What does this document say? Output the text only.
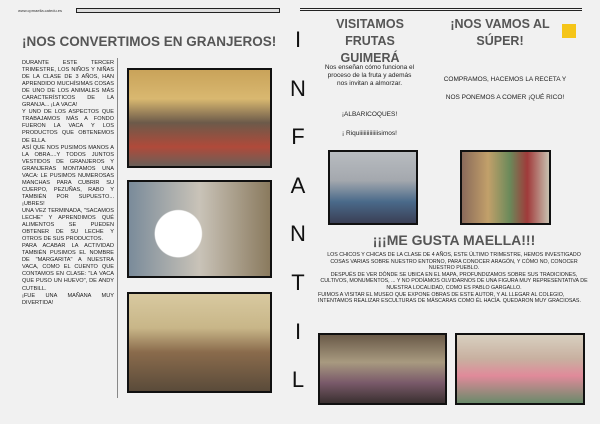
www.cpmaella.catedu.es
¡NOS CONVERTIMOS EN GRANJEROS!

DURANTE ESTE TERCER TRIMESTRE, LOS NIÑOS Y NIÑAS DE LA CLASE DE 3 AÑOS, HAN APRENDIDO MUCHÍSIMAS COSAS DE UNO DE LOS ANIMALES MÁS CARACTERÍSTICOS DE LA GRANJA... ¡LA VACA!

Y UNO DE LOS ASPECTOS QUE TRABAJAMOS MÁS A FONDO FUERON LA VACA Y LOS PRODUCTOS QUE OBTENEMOS DE ELLA.

ASÍ QUE NOS PUSIMOS MANOS A LA OBRA....Y TODOS JUNTOS VESTIDOS DE GRANJEROS Y GRANJERAS MONTAMOS UNA VACA: LE PUSIMOS NUMEROSAS MANCHAS PARA CUBRIR SU CUERPO, PEZUÑAS, RABO Y TAMBIÉN POR SUPUESTO... ¡UBRES!

UNA VEZ TERMINADA, "SACAMOS LECHE" Y APRENDIMOS QUÉ ALIMENTOS SE PUEDEN OBTENER DE SU LECHE Y OTROS DE SUS PRODUCTOS.

PARA ACABAR LA ACTIVIDAD TAMBIÉN PUSIMOS EL NOMBRE DE "MARGARITA" A NUESTRA VACA, COMO EL CUENTO QUE CONTAMOS EN CLASE: "LA VACA QUE PUSO UN HUEVO", DE ANDY CUTBILL.

¡FUE UNA MAÑANA MUY DIVERTIDA!

I
N
F
A
N
T
I
L
VISITAMOS FRUTAS GUIMERÁ
Nos enseñan cómo funciona el proceso de la fruta y además nos invitan a almorzar.
¡ALBARICOQUES!
¡ Riquiiiiiiiiiiiiisimos!
¡NOS VAMOS AL SÚPER!
COMPRAMOS, HACEMOS LA RECETA Y
NOS PONEMOS A COMER ¡QUÉ RICO!
¡¡¡ME GUSTA MAELLA!!!

LOS CHICOS Y CHICAS DE LA CLASE DE 4 AÑOS, ESTE ÚLTIMO TRIMESTRE, HEMOS INVESTIGADO COSAS VARIAS SOBRE NUESTRO ENTORNO, PARA CONOCER ARAGÓN, Y CÓMO NO, CONOCER NUESTRO PUEBLO.

DESPUÉS DE VER DÓNDE SE UBICA EN EL MAPA, PROFUNDIZAMOS SOBRE SUS TRADICIONES, CULTIVOS, MONUMENTOS, ... Y NO PODÍAMOS OLVIDARNOS DE UNA FIGURA MUY REPRESENTATIVA DE NUESTRA LOCALIDAD, COMO ES PABLO GARGALLO.

FUIMOS A VISITAR EL MUSEO QUE EXPONE OBRAS DE ESTE AUTOR, Y AL LLEGAR AL COLEGIO, INTENTAMOS REALIZAR ESCULTURAS DE MÁSCARAS COMO ÉL HACÍA. QUEDARON MUY GRACIOSAS.
